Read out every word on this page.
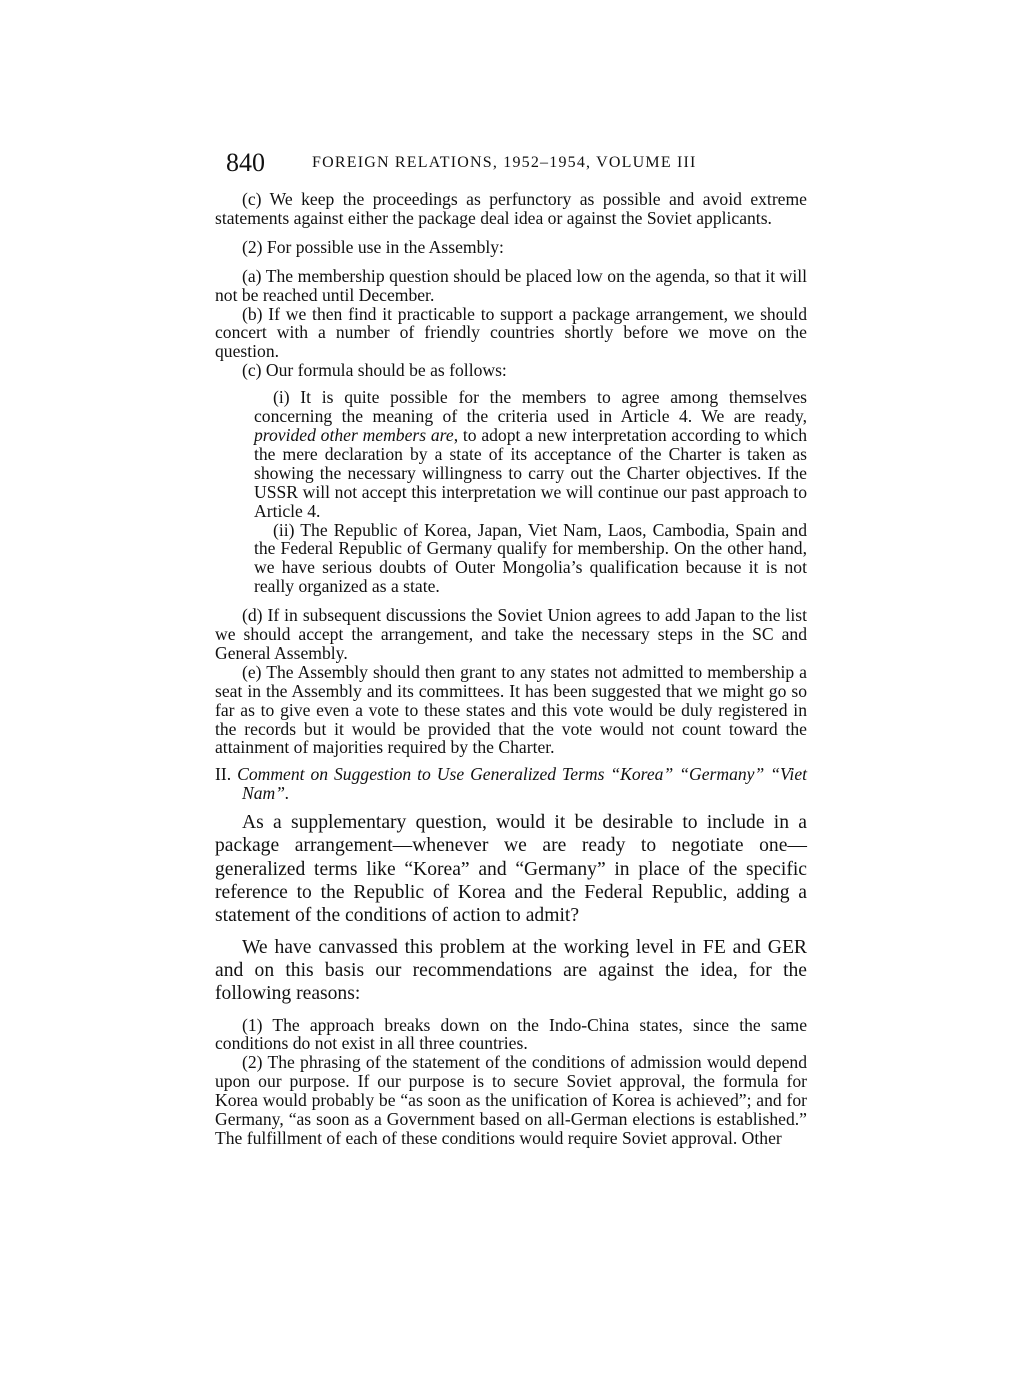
840	FOREIGN RELATIONS, 1952–1954, VOLUME III

(c) We keep the proceedings as perfunctory as possible and avoid extreme statements against either the package deal idea or against the Soviet applicants.

(2) For possible use in the Assembly:

(a) The membership question should be placed low on the agenda, so that it will not be reached until December.

(b) If we then find it practicable to support a package arrangement, we should concert with a number of friendly countries shortly before we move on the question.

(c) Our formula should be as follows:

(i) It is quite possible for the members to agree among themselves concerning the meaning of the criteria used in Article 4. We are ready, provided other members are, to adopt a new interpretation according to which the mere declaration by a state of its acceptance of the Charter is taken as showing the necessary willingness to carry out the Charter objectives. If the USSR will not accept this interpretation we will continue our past approach to Article 4.

(ii) The Republic of Korea, Japan, Viet Nam, Laos, Cambodia, Spain and the Federal Republic of Germany qualify for membership. On the other hand, we have serious doubts of Outer Mongolia’s qualification because it is not really organized as a state.

(d) If in subsequent discussions the Soviet Union agrees to add Japan to the list we should accept the arrangement, and take the necessary steps in the SC and General Assembly.

(e) The Assembly should then grant to any states not admitted to membership a seat in the Assembly and its committees. It has been suggested that we might go so far as to give even a vote to these states and this vote would be duly registered in the records but it would be provided that the vote would not count toward the attainment of majorities required by the Charter.

II. Comment on Suggestion to Use Generalized Terms “Korea” “Germany” “Viet Nam”.

As a supplementary question, would it be desirable to include in a package arrangement—whenever we are ready to negotiate one—generalized terms like “Korea” and “Germany” in place of the specific reference to the Republic of Korea and the Federal Republic, adding a statement of the conditions of action to admit?

We have canvassed this problem at the working level in FE and GER and on this basis our recommendations are against the idea, for the following reasons:

(1) The approach breaks down on the Indo-China states, since the same conditions do not exist in all three countries.

(2) The phrasing of the statement of the conditions of admission would depend upon our purpose. If our purpose is to secure Soviet approval, the formula for Korea would probably be “as soon as the unification of Korea is achieved”; and for Germany, “as soon as a Government based on all-German elections is established.” The fulfillment of each of these conditions would require Soviet approval. Other
